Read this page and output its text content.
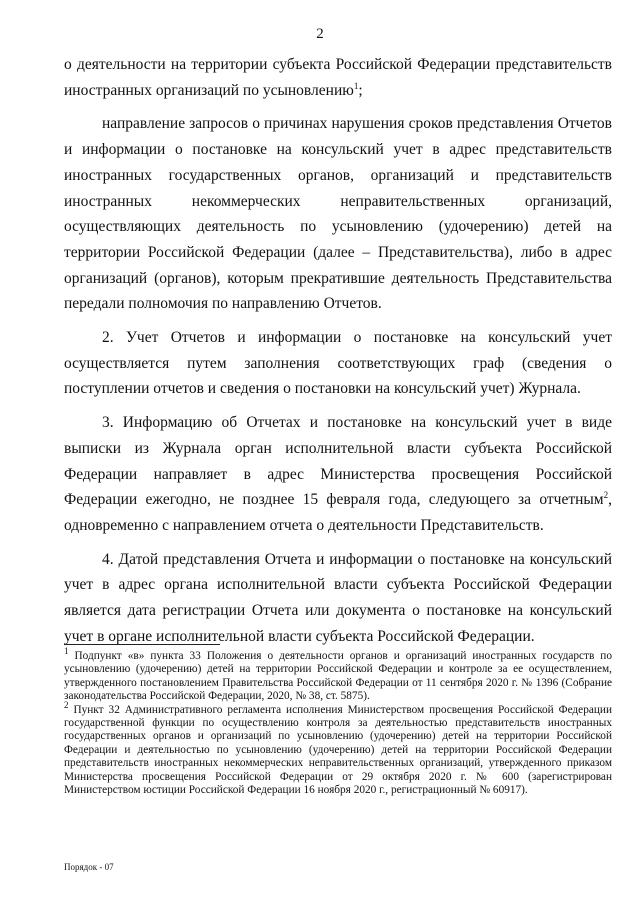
2

о деятельности на территории субъекта Российской Федерации представительств иностранных организаций по усыновлению$^1$;

направление запросов о причинах нарушения сроков представления Отчетов и информации о постановке на консульский учет в адрес представительств иностранных государственных органов, организаций и представительств иностранных некоммерческих неправительственных организаций, осуществляющих деятельность по усыновлению (удочерению) детей на территории Российской Федерации (далее – Представительства), либо в адрес организаций (органов), которым прекратившие деятельность Представительства передали полномочия по направлению Отчетов.

2. Учет Отчетов и информации о постановке на консульский учет осуществляется путем заполнения соответствующих граф (сведения о поступлении отчетов и сведения о постановки на консульский учет) Журнала.

3. Информацию об Отчетах и постановке на консульский учет в виде выписки из Журнала орган исполнительной власти субъекта Российской Федерации направляет в адрес Министерства просвещения Российской Федерации ежегодно, не позднее 15 февраля года, следующего за отчетным$^2$, одновременно с направлением отчета о деятельности Представительств.

4. Датой представления Отчета и информации о постановке на консульский учет в адрес органа исполнительной власти субъекта Российской Федерации является дата регистрации Отчета или документа о постановке на консульский учет в органе исполнительной власти субъекта Российской Федерации.

$^1$ Подпункт «в» пункта 33 Положения о деятельности органов и организаций иностранных государств по усыновлению (удочерению) детей на территории Российской Федерации и контроле за ее осуществлением, утвержденного постановлением Правительства Российской Федерации от 11 сентября 2020 г. № 1396 (Собрание законодательства Российской Федерации, 2020, № 38, ст. 5875).

$^2$ Пункт 32 Административного регламента исполнения Министерством просвещения Российской Федерации государственной функции по осуществлению контроля за деятельностью представительств иностранных государственных органов и организаций по усыновлению (удочерению) детей на территории Российской Федерации и деятельностью по усыновлению (удочерению) детей на территории Российской Федерации представительств иностранных некоммерческих неправительственных организаций, утвержденного приказом Министерства просвещения Российской Федерации от 29 октября 2020 г. № 600 (зарегистрирован Министерством юстиции Российской Федерации 16 ноября 2020 г., регистрационный № 60917).

Порядок - 07
